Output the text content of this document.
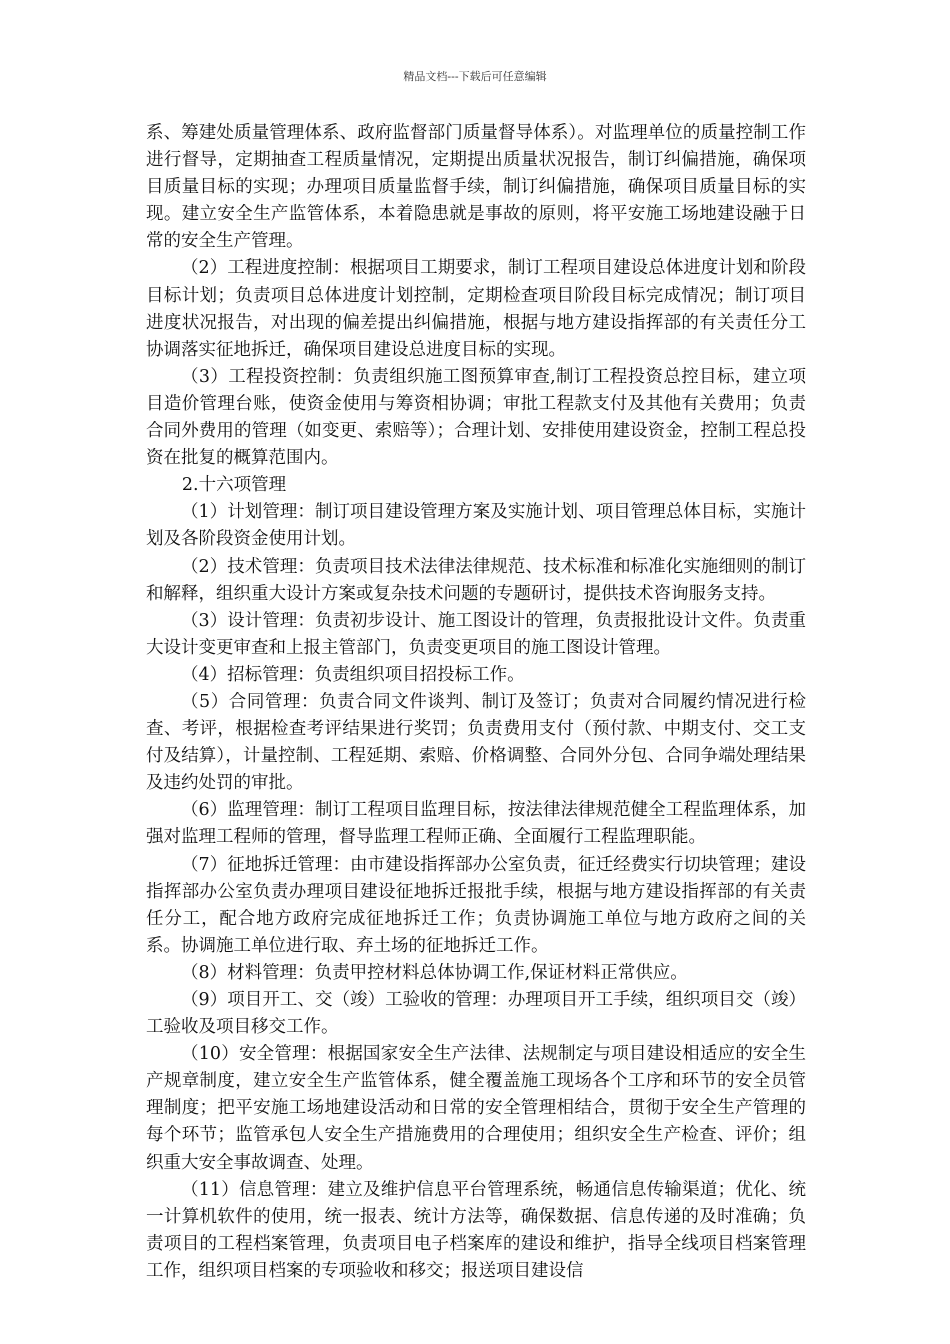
精品文档---下载后可任意编辑

系、筹建处质量管理体系、政府监督部门质量督导体系）。对监理单位的质量控制工作进行督导，定期抽查工程质量情况，定期提出质量状况报告，制订纠偏措施，确保项目质量目标的实现；办理项目质量监督手续，制订纠偏措施，确保项目质量目标的实现。建立安全生产监管体系，本着隐患就是事故的原则，将平安施工场地建设融于日常的安全生产管理。

（2）工程进度控制：根据项目工期要求，制订工程项目建设总体进度计划和阶段目标计划；负责项目总体进度计划控制，定期检查项目阶段目标完成情况；制订项目进度状况报告，对出现的偏差提出纠偏措施，根据与地方建设指挥部的有关责任分工协调落实征地拆迁，确保项目建设总进度目标的实现。

（3）工程投资控制：负责组织施工图预算审查,制订工程投资总控目标，建立项目造价管理台账，使资金使用与筹资相协调；审批工程款支付及其他有关费用；负责合同外费用的管理（如变更、索赔等）；合理计划、安排使用建设资金，控制工程总投资在批复的概算范围内。

2.十六项管理

（1）计划管理：制订项目建设管理方案及实施计划、项目管理总体目标，实施计划及各阶段资金使用计划。

（2）技术管理：负责项目技术法律法律规范、技术标准和标准化实施细则的制订和解释，组织重大设计方案或复杂技术问题的专题研讨，提供技术咨询服务支持。

（3）设计管理：负责初步设计、施工图设计的管理，负责报批设计文件。负责重大设计变更审查和上报主管部门，负责变更项目的施工图设计管理。

（4）招标管理：负责组织项目招投标工作。

（5）合同管理：负责合同文件谈判、制订及签订；负责对合同履约情况进行检查、考评，根据检查考评结果进行奖罚；负责费用支付（预付款、中期支付、交工支付及结算），计量控制、工程延期、索赔、价格调整、合同外分包、合同争端处理结果及违约处罚的审批。

（6）监理管理：制订工程项目监理目标，按法律法律规范健全工程监理体系，加强对监理工程师的管理，督导监理工程师正确、全面履行工程监理职能。

（7）征地拆迁管理：由市建设指挥部办公室负责，征迁经费实行切块管理；建设指挥部办公室负责办理项目建设征地拆迁报批手续，根据与地方建设指挥部的有关责任分工，配合地方政府完成征地拆迁工作；负责协调施工单位与地方政府之间的关系。协调施工单位进行取、弃土场的征地拆迁工作。

（8）材料管理：负责甲控材料总体协调工作,保证材料正常供应。

（9）项目开工、交（竣）工验收的管理：办理项目开工手续，组织项目交（竣）工验收及项目移交工作。

（10）安全管理：根据国家安全生产法律、法规制定与项目建设相适应的安全生产规章制度，建立安全生产监管体系，健全覆盖施工现场各个工序和环节的安全员管理制度；把平安施工场地建设活动和日常的安全管理相结合，贯彻于安全生产管理的每个环节；监管承包人安全生产措施费用的合理使用；组织安全生产检查、评价；组织重大安全事故调查、处理。

（11）信息管理：建立及维护信息平台管理系统，畅通信息传输渠道；优化、统一计算机软件的使用，统一报表、统计方法等，确保数据、信息传递的及时准确；负责项目的工程档案管理，负责项目电子档案库的建设和维护，指导全线项目档案管理工作，组织项目档案的专项验收和移交；报送项目建设信
